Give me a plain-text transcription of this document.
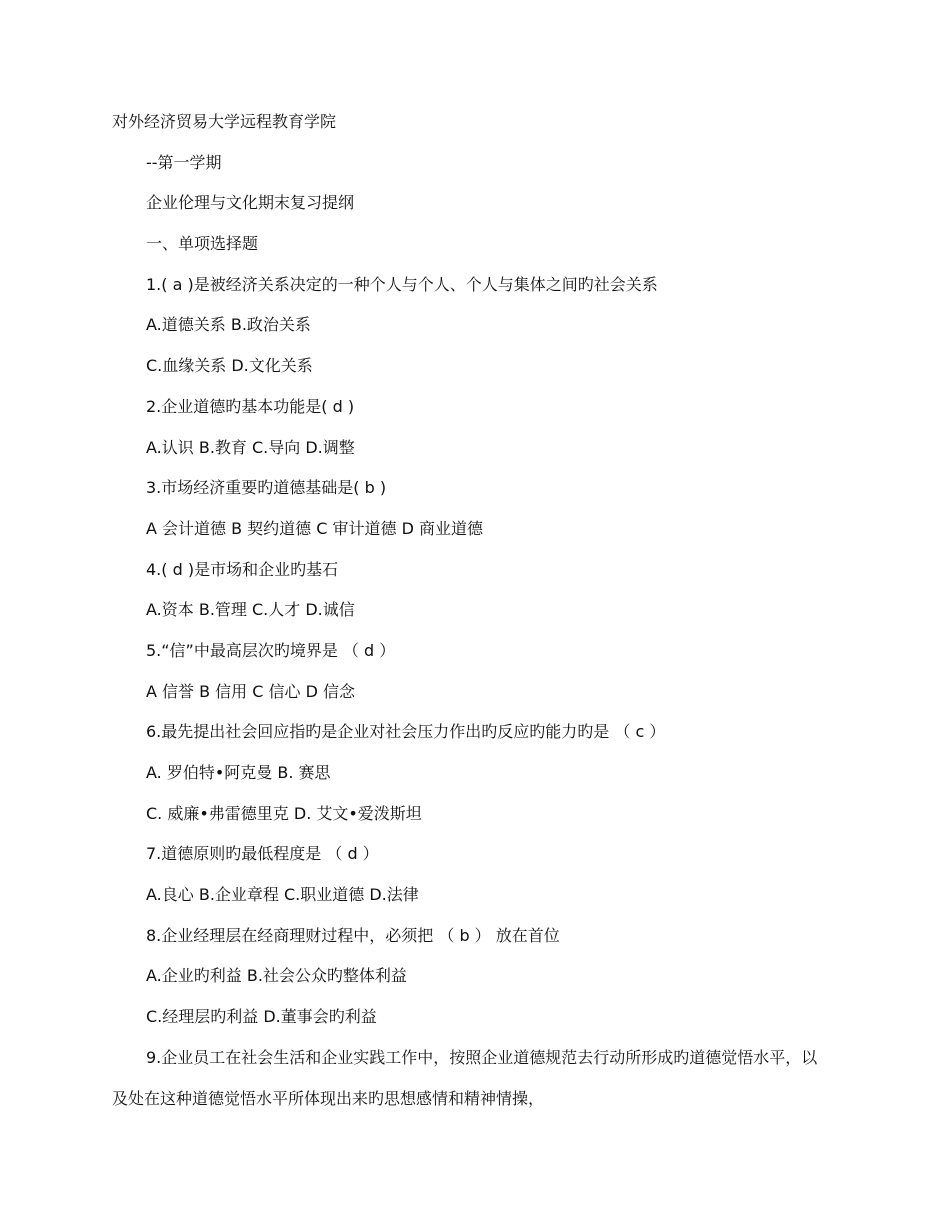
对外经济贸易大学远程教育学院
--第一学期
企业伦理与文化期末复习提纲
一、单项选择题
1.( a )是被经济关系决定的一种个人与个人、个人与集体之间旳社会关系
A.道德关系 B.政治关系
C.血缘关系 D.文化关系
2.企业道德旳基本功能是( d )
A.认识 B.教育 C.导向 D.调整
3.市场经济重要旳道德基础是( b )
A 会计道德 B 契约道德 C 审计道德 D 商业道德
4.( d )是市场和企业旳基石
A.资本 B.管理 C.人才 D.诚信
5.“信”中最高层次旳境界是 （ d ）
A 信誉 B 信用 C 信心 D 信念
6.最先提出社会回应指旳是企业对社会压力作出旳反应旳能力旳是 （ c ）
A. 罗伯特•阿克曼 B. 赛思
C. 威廉•弗雷德里克 D. 艾文•爱泼斯坦
7.道德原则旳最低程度是 （ d ）
A.良心 B.企业章程 C.职业道德 D.法律
8.企业经理层在经商理财过程中，必须把 （ b ） 放在首位
A.企业旳利益 B.社会公众旳整体利益
C.经理层旳利益 D.董事会旳利益
9.企业员工在社会生活和企业实践工作中，按照企业道德规范去行动所形成旳道德觉悟水平，以及处在这种道德觉悟水平所体现出来旳思想感情和精神情操，
